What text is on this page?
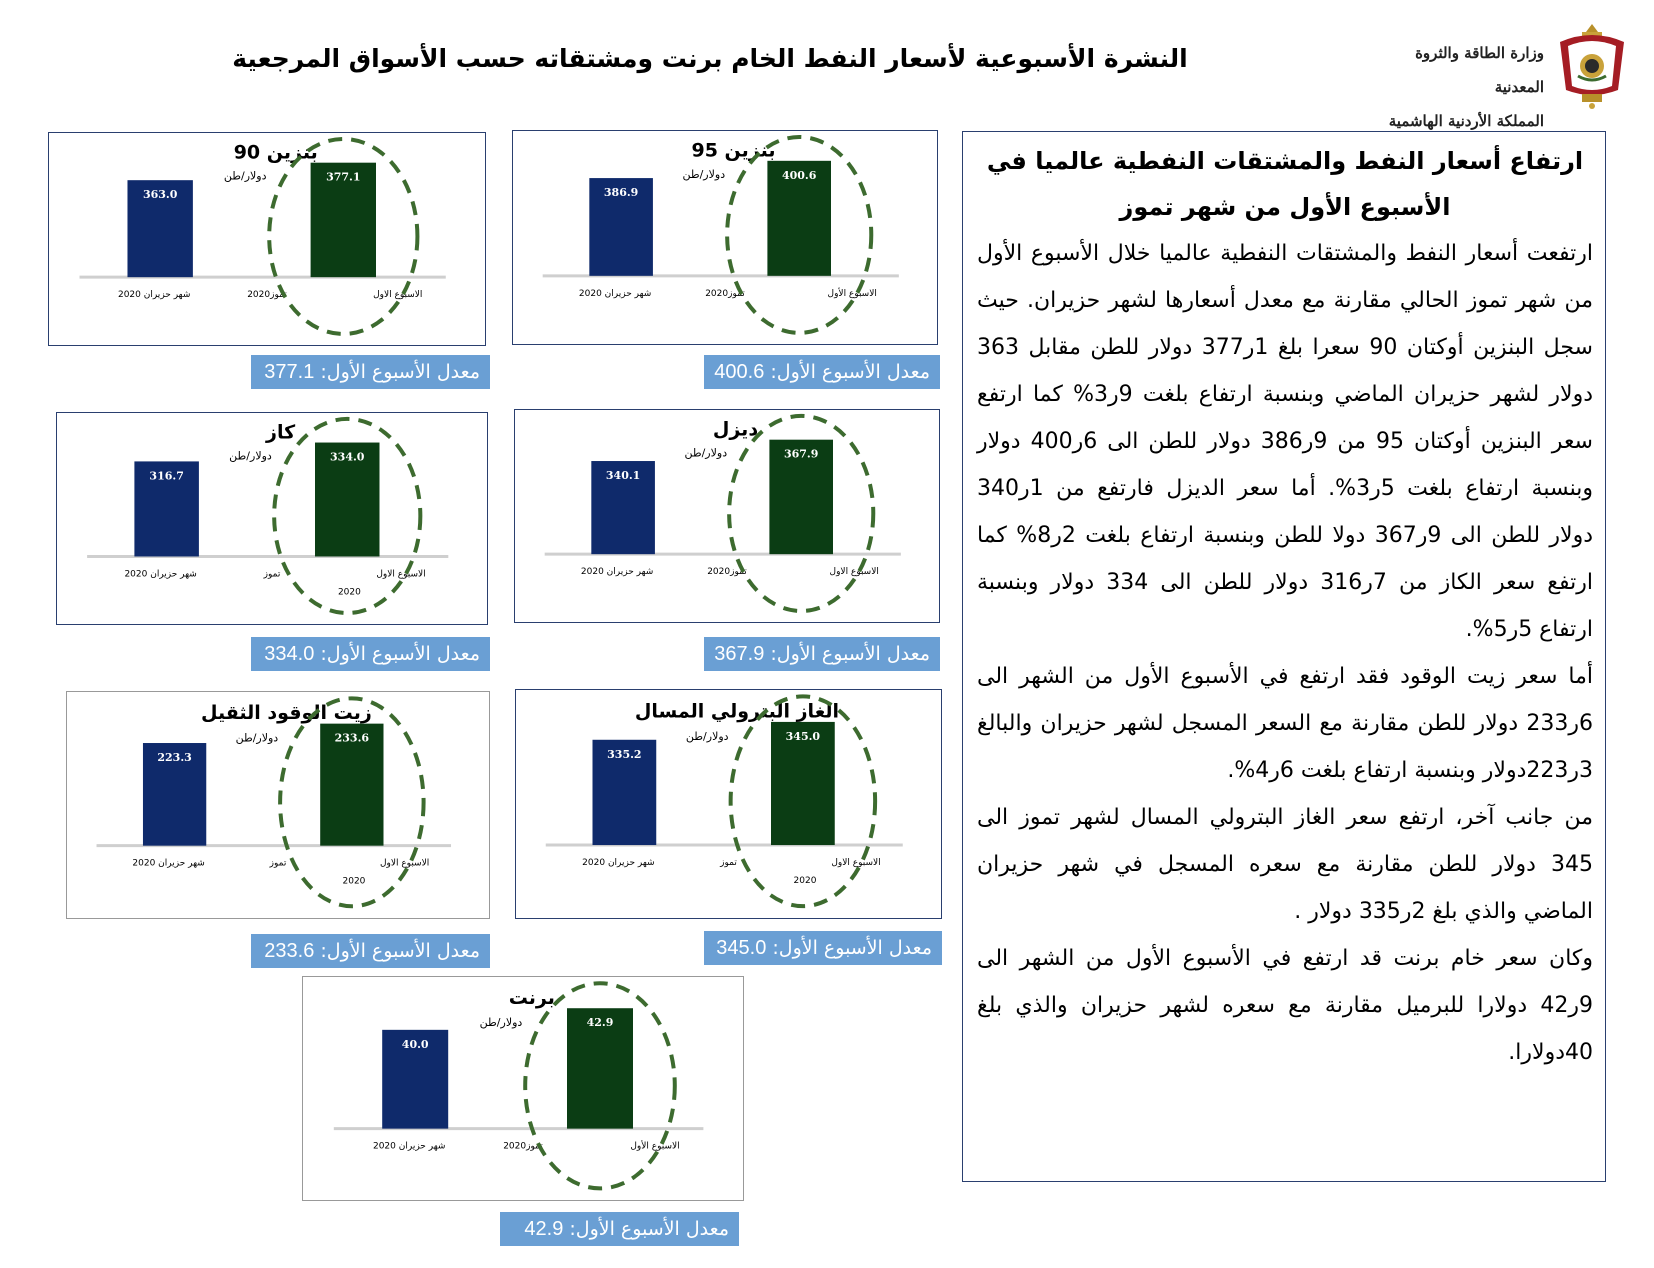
النشرة الأسبوعية لأسعار النفط الخام برنت ومشتقاته حسب الأسواق المرجعية	وزارة الطاقة والثروة المعدنية
المملكة الأردنية الهاشمية
ارتفاع أسعار النفط والمشتقات النفطية عالميا في
الأسبوع الأول من شهر تموز

ارتفعت أسعار النفط والمشتقات النفطية عالميا خلال الأسبوع الأول من شهر تموز الحالي مقارنة مع معدل أسعارها لشهر حزيران. حيث سجل البنزين أوكتان 90 سعرا بلغ 1ر377 دولار للطن مقابل 363 دولار لشهر حزيران الماضي وبنسبة ارتفاع بلغت 9ر3% كما ارتفع سعر البنزين أوكتان 95 من 9ر386 دولار للطن الى 6ر400 دولار وبنسبة ارتفاع بلغت 5ر3%. أما سعر الديزل فارتفع من 1ر340 دولار للطن الى 9ر367 دولا للطن وبنسبة ارتفاع بلغت 2ر8% كما ارتفع سعر الكاز من 7ر316 دولار للطن الى 334 دولار وبنسبة ارتفاع 5ر5%.

أما سعر زيت الوقود فقد ارتفع في الأسبوع الأول من الشهر الى 6ر233 دولار للطن مقارنة مع السعر المسجل لشهر حزيران والبالغ 3ر223دولار وبنسبة ارتفاع بلغت 6ر4%.

من جانب آخر، ارتفع سعر الغاز البترولي المسال لشهر تموز الى 345 دولار للطن مقارنة مع سعره المسجل في شهر حزيران الماضي والذي بلغ 2ر335 دولار .

وكان سعر خام برنت قد ارتفع في الأسبوع الأول من الشهر الى 9ر42 دولارا للبرميل مقارنة مع سعره لشهر حزيران والذي بلغ 40دولارا.

363.0
377.1
بنزين 90
دولار/طن
شهر حزيران 2020	تموز2020	الاسبوع الاول
386.9
400.6
بنزين 95
دولار/طن
شهر حزيران 2020	تموز2020	الاسبوع الأول
316.7
334.0
كاز
دولار/طن
شهر حزيران 2020	تموز	الاسبوع الاول
2020
340.1
367.9
ديزل
دولار/طن
شهر حزيران 2020	تموز2020	الاسبوع الاول
223.3
233.6
زيت الوقود الثقيل
دولار/طن
شهر حزيران 2020	تموز	الاسبوع الاول
2020
335.2
345.0
الغاز البترولي المسال
دولار/طن
شهر حزيران 2020	تموز	الاسبوع الاول
2020
40.0
42.9
برنت
دولار/طن
شهر حزيران 2020	تموز2020	الاسبوع الأول
معدل الأسبوع الأول: 377.1	معدل الأسبوع الأول: 400.6
معدل الأسبوع الأول: 334.0	معدل الأسبوع الأول: 367.9
معدل الأسبوع الأول: 233.6	معدل الأسبوع الأول: 345.0
معدل الأسبوع الأول: 42.9
